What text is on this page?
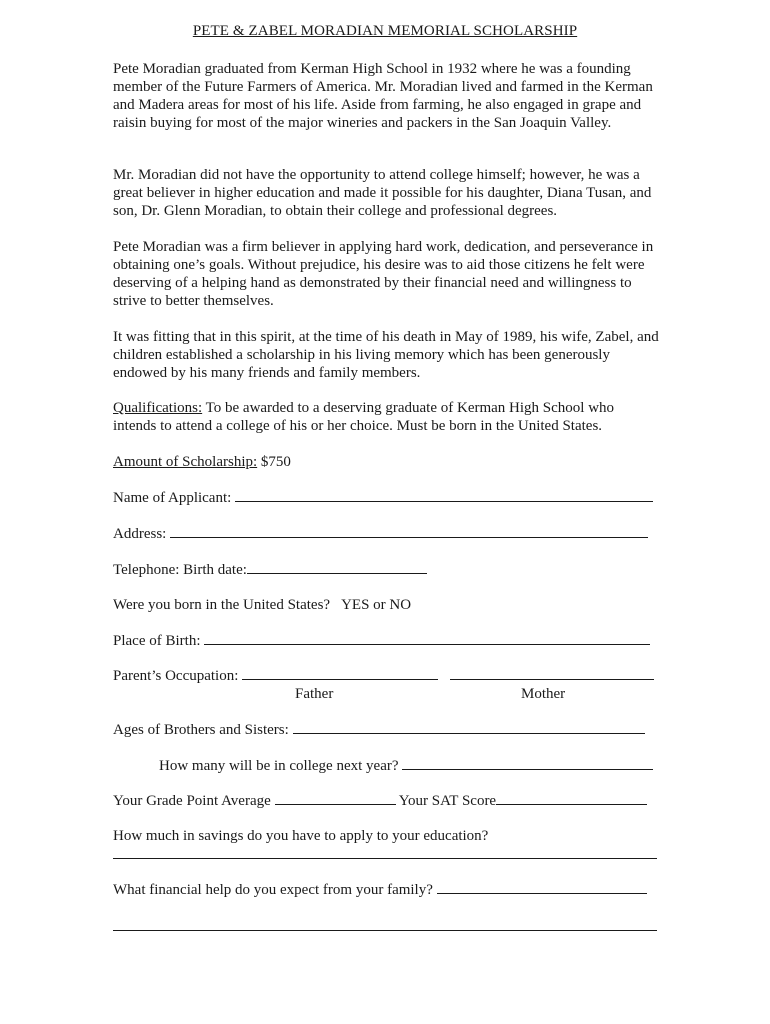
PETE & ZABEL MORADIAN MEMORIAL SCHOLARSHIP
Pete Moradian graduated from Kerman High School in 1932 where he was a founding member of the Future Farmers of America. Mr. Moradian lived and farmed in the Kerman and Madera areas for most of his life. Aside from farming, he also engaged in grape and raisin buying for most of the major wineries and packers in the San Joaquin Valley.
Mr. Moradian did not have the opportunity to attend college himself; however, he was a great believer in higher education and made it possible for his daughter, Diana Tusan, and son, Dr. Glenn Moradian, to obtain their college and professional degrees.
Pete Moradian was a firm believer in applying hard work, dedication, and perseverance in obtaining one’s goals. Without prejudice, his desire was to aid those citizens he felt were deserving of a helping hand as demonstrated by their financial need and willingness to strive to better themselves.
It was fitting that in this spirit, at the time of his death in May of 1989, his wife, Zabel, and children established a scholarship in his living memory which has been generously endowed by his many friends and family members.
Qualifications: To be awarded to a deserving graduate of Kerman High School who intends to attend a college of his or her choice. Must be born in the United States.
Amount of Scholarship: $750
Name of Applicant:
Address:
Telephone: Birth date:
Were you born in the United States? YES or NO
Place of Birth:
Parent’s Occupation:
Father	Mother
Ages of Brothers and Sisters:
How many will be in college next year?
Your Grade Point Average	Your SAT Score
How much in savings do you have to apply to your education?
What financial help do you expect from your family?
